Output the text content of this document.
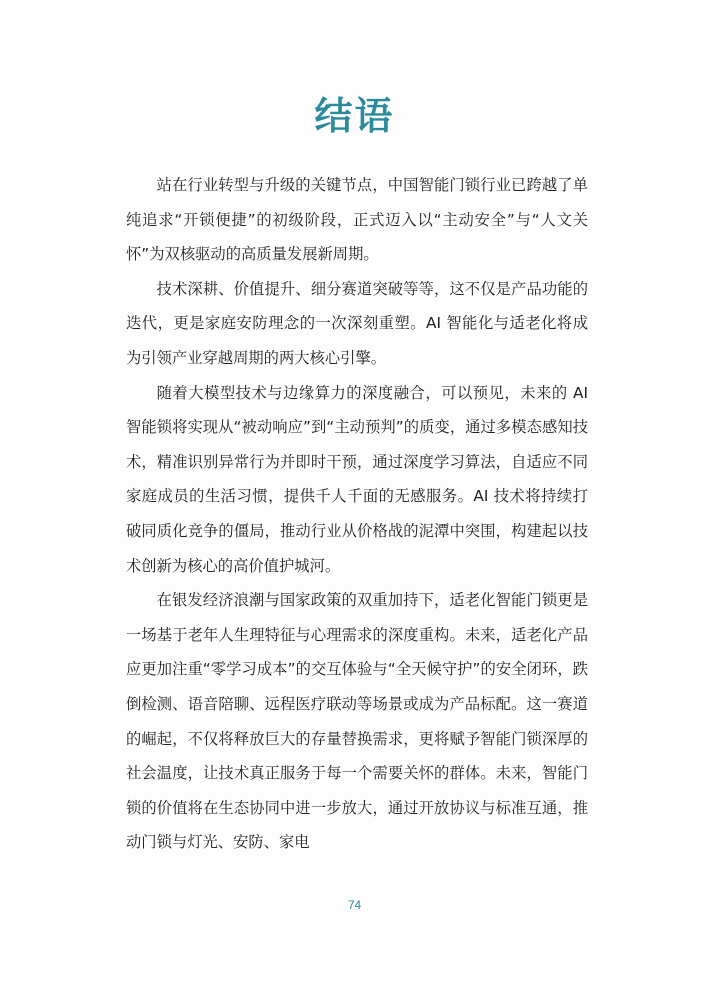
结语

站在行业转型与升级的关键节点，中国智能门锁行业已跨越了单纯追求“开锁便捷”的初级阶段，正式迈入以“主动安全”与“人文关怀”为双核驱动的高质量发展新周期。

技术深耕、价值提升、细分赛道突破等等，这不仅是产品功能的迭代，更是家庭安防理念的一次深刻重塑。AI 智能化与适老化将成为引领产业穿越周期的两大核心引擎。

随着大模型技术与边缘算力的深度融合，可以预见，未来的 AI 智能锁将实现从“被动响应”到“主动预判”的质变，通过多模态感知技术，精准识别异常行为并即时干预，通过深度学习算法，自适应不同家庭成员的生活习惯，提供千人千面的无感服务。AI 技术将持续打破同质化竞争的僵局，推动行业从价格战的泥潭中突围，构建起以技术创新为核心的高价值护城河。

在银发经济浪潮与国家政策的双重加持下，适老化智能门锁更是一场基于老年人生理特征与心理需求的深度重构。未来，适老化产品应更加注重“零学习成本”的交互体验与“全天候守护”的安全闭环，跌倒检测、语音陪聊、远程医疗联动等场景或成为产品标配。这一赛道的崛起，不仅将释放巨大的存量替换需求，更将赋予智能门锁深厚的社会温度，让技术真正服务于每一个需要关怀的群体。未来，智能门锁的价值将在生态协同中进一步放大，通过开放协议与标准互通，推动门锁与灯光、安防、家电

74
